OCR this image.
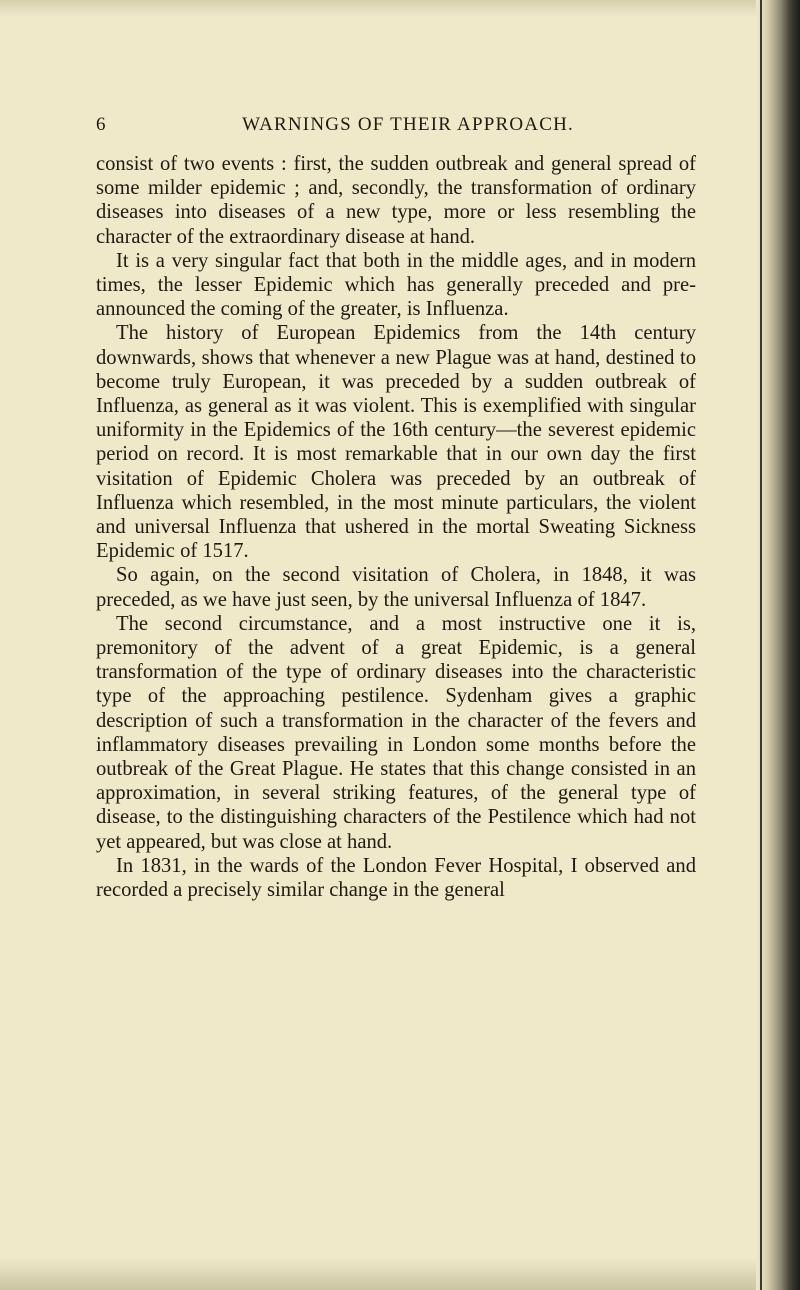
6	WARNINGS OF THEIR APPROACH.

consist of two events : first, the sudden outbreak and general spread of some milder epidemic ; and, secondly, the transformation of ordinary diseases into diseases of a new type, more or less resembling the character of the extraordinary disease at hand.

It is a very singular fact that both in the middle ages, and in modern times, the lesser Epidemic which has generally preceded and pre-announced the coming of the greater, is Influenza.

The history of European Epidemics from the 14th century downwards, shows that whenever a new Plague was at hand, destined to become truly European, it was preceded by a sudden outbreak of Influenza, as general as it was violent. This is exemplified with singular uniformity in the Epidemics of the 16th century—the severest epidemic period on record. It is most remarkable that in our own day the first visitation of Epidemic Cholera was preceded by an outbreak of Influenza which resembled, in the most minute particulars, the violent and universal Influenza that ushered in the mortal Sweating Sickness Epidemic of 1517.

So again, on the second visitation of Cholera, in 1848, it was preceded, as we have just seen, by the universal Influenza of 1847.

The second circumstance, and a most instructive one it is, premonitory of the advent of a great Epidemic, is a general transformation of the type of ordinary diseases into the characteristic type of the approaching pestilence. Sydenham gives a graphic description of such a transformation in the character of the fevers and inflammatory diseases prevailing in London some months before the outbreak of the Great Plague. He states that this change consisted in an approximation, in several striking features, of the general type of disease, to the distinguishing characters of the Pestilence which had not yet appeared, but was close at hand.

In 1831, in the wards of the London Fever Hospital, I observed and recorded a precisely similar change in the general
